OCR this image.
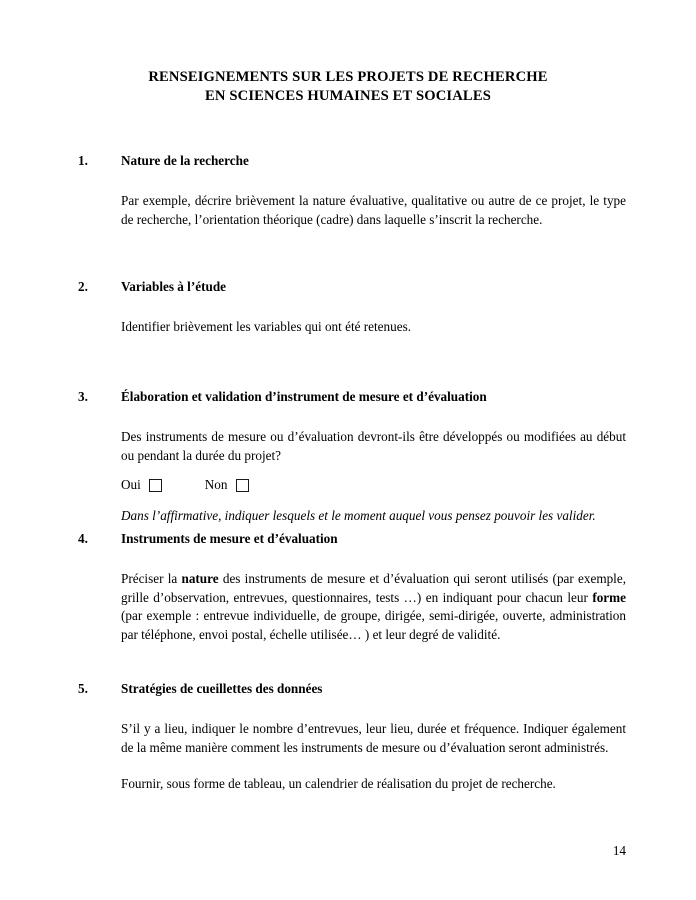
RENSEIGNEMENTS SUR LES PROJETS DE RECHERCHE
EN SCIENCES HUMAINES ET SOCIALES
1.	Nature de la recherche

Par exemple, décrire brièvement la nature évaluative, qualitative ou autre de ce projet, le type de recherche, l’orientation théorique (cadre) dans laquelle s’inscrit la recherche.

2.	Variables à l’étude

Identifier brièvement les variables qui ont été retenues.

3.	Élaboration et validation d’instrument de mesure et d’évaluation

Des instruments de mesure ou d’évaluation devront-ils être développés ou modifiées au début ou pendant la durée du projet?

Oui	Non

Dans l’affirmative, indiquer lesquels et le moment auquel vous pensez pouvoir les valider.

4.	Instruments de mesure et d’évaluation

Préciser la nature des instruments de mesure et d’évaluation qui seront utilisés (par exemple, grille d’observation, entrevues, questionnaires, tests …) en indiquant pour chacun leur forme (par exemple : entrevue individuelle, de groupe, dirigée, semi-dirigée, ouverte, administration par téléphone, envoi postal, échelle utilisée… ) et leur degré de validité.

5.	Stratégies de cueillettes des données

S’il y a lieu, indiquer le nombre d’entrevues, leur lieu, durée et fréquence. Indiquer également de la même manière comment les instruments de mesure ou d’évaluation seront administrés.

Fournir, sous forme de tableau, un calendrier de réalisation du projet de recherche.

14
